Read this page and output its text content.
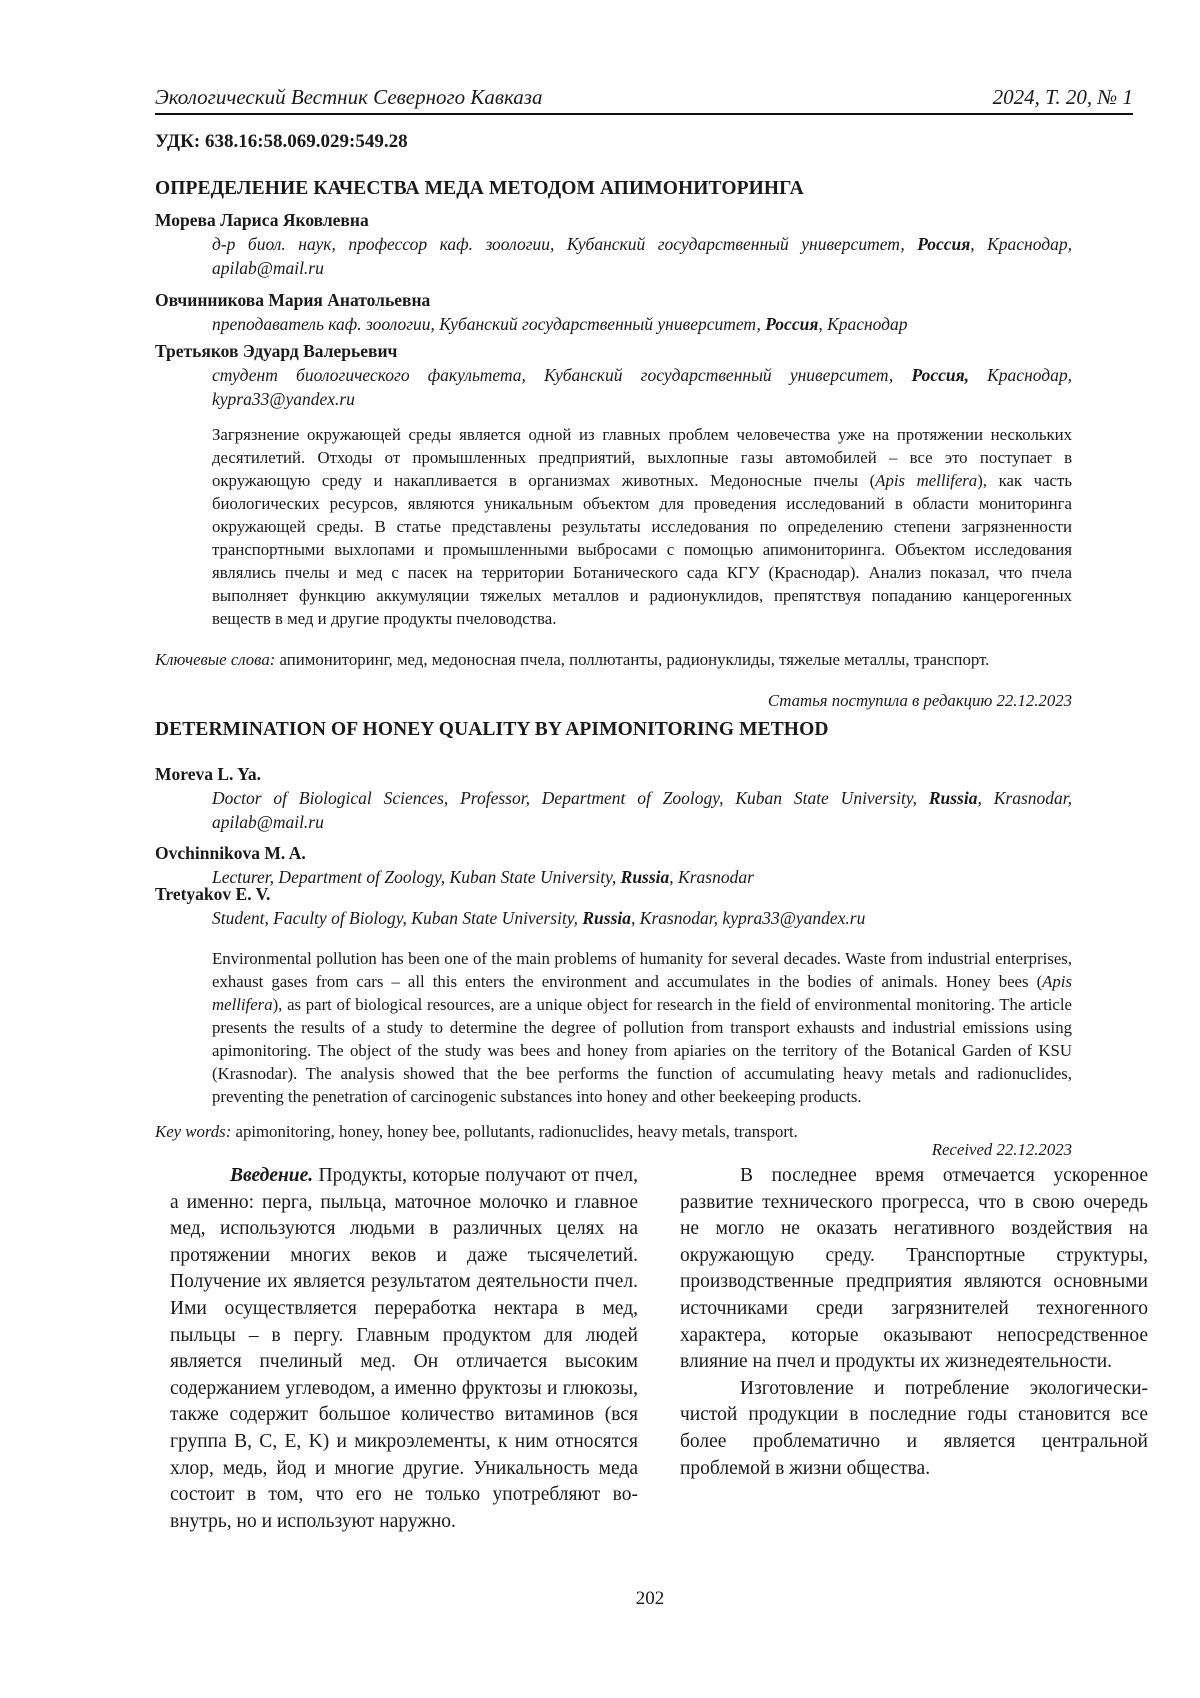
Экологический Вестник Северного Кавказа	2024, Т. 20, № 1
УДК: 638.16:58.069.029:549.28
ОПРЕДЕЛЕНИЕ КАЧЕСТВА МЕДА МЕТОДОМ АПИМОНИТОРИНГА
Морева Лариса Яковлевна
д-р биол. наук, профессор каф. зоологии, Кубанский государственный университет, Россия, Краснодар, apilab@mail.ru
Овчинникова Мария Анатольевна
преподаватель каф. зоологии, Кубанский государственный университет, Россия, Краснодар
Третьяков Эдуард Валерьевич
студент биологического факультета, Кубанский государственный университет, Россия, Краснодар, kypra33@yandex.ru
Загрязнение окружающей среды является одной из главных проблем человечества уже на протяжении нескольких десятилетий. Отходы от промышленных предприятий, выхлопные газы автомобилей – все это поступает в окружающую среду и накапливается в организмах животных. Медоносные пчелы (Apis mellifera), как часть биологических ресурсов, являются уникальным объектом для проведения исследований в области мониторинга окружающей среды. В статье представлены результаты исследования по определению степени загрязненности транспортными выхлопами и промышленными выбросами с помощью апимониторинга. Объектом исследования являлись пчелы и мед с пасек на территории Ботанического сада КГУ (Краснодар). Анализ показал, что пчела выполняет функцию аккумуляции тяжелых металлов и радионуклидов, препятствуя попаданию канцерогенных веществ в мед и другие продукты пчеловодства.
Ключевые слова: апимониторинг, мед, медоносная пчела, поллютанты, радионуклиды, тяжелые металлы, транспорт.
Статья поступила в редакцию 22.12.2023
DETERMINATION OF HONEY QUALITY BY APIMONITORING METHOD
Moreva L. Ya.
Doctor of Biological Sciences, Professor, Department of Zoology, Kuban State University, Russia, Krasnodar, apilab@mail.ru
Ovchinnikova M. A.
Lecturer, Department of Zoology, Kuban State University, Russia, Krasnodar
Tretyakov E. V.
Student, Faculty of Biology, Kuban State University, Russia, Krasnodar, kypra33@yandex.ru
Environmental pollution has been one of the main problems of humanity for several decades. Waste from industrial enterprises, exhaust gases from cars – all this enters the environment and accumulates in the bodies of animals. Honey bees (Apis mellifera), as part of biological resources, are a unique object for research in the field of environmental monitoring. The article presents the results of a study to determine the degree of pollution from transport exhausts and industrial emissions using apimonitoring. The object of the study was bees and honey from apiaries on the territory of the Botanical Garden of KSU (Krasnodar). The analysis showed that the bee performs the function of accumulating heavy metals and radionuclides, preventing the penetration of carcinogenic substances into honey and other beekeeping products.
Key words: apimonitoring, honey, honey bee, pollutants, radionuclides, heavy metals, transport.
Received 22.12.2023

Введение. Продукты, которые получают от пчел, а именно: перга, пыльца, маточное молочко и главное мед, используются людьми в различных целях на протяжении многих веков и даже тысячелетий. Получение их является результатом деятельности пчел. Ими осуществляется переработка нектара в мед, пыльцы – в пергу. Главным продуктом для людей является пчелиный мед. Он отличается высоким содержанием углеводом, а именно фруктозы и глюкозы, также содержит большое количество витаминов (вся группа B, C, E, K) и микроэлементы, к ним относятся хлор, медь, йод и многие другие. Уникальность меда состоит в том, что его не только употребляют во-внутрь, но и используют наружно.

В последнее время отмечается ускоренное развитие технического прогресса, что в свою очередь не могло не оказать негативного воздействия на окружающую среду. Транспортные структуры, производственные предприятия являются основными источниками среди загрязнителей техногенного характера, которые оказывают непосредственное влияние на пчел и продукты их жизнедеятельности.

Изготовление и потребление экологически-чистой продукции в последние годы становится все более проблематично и является центральной проблемой в жизни общества.

202
